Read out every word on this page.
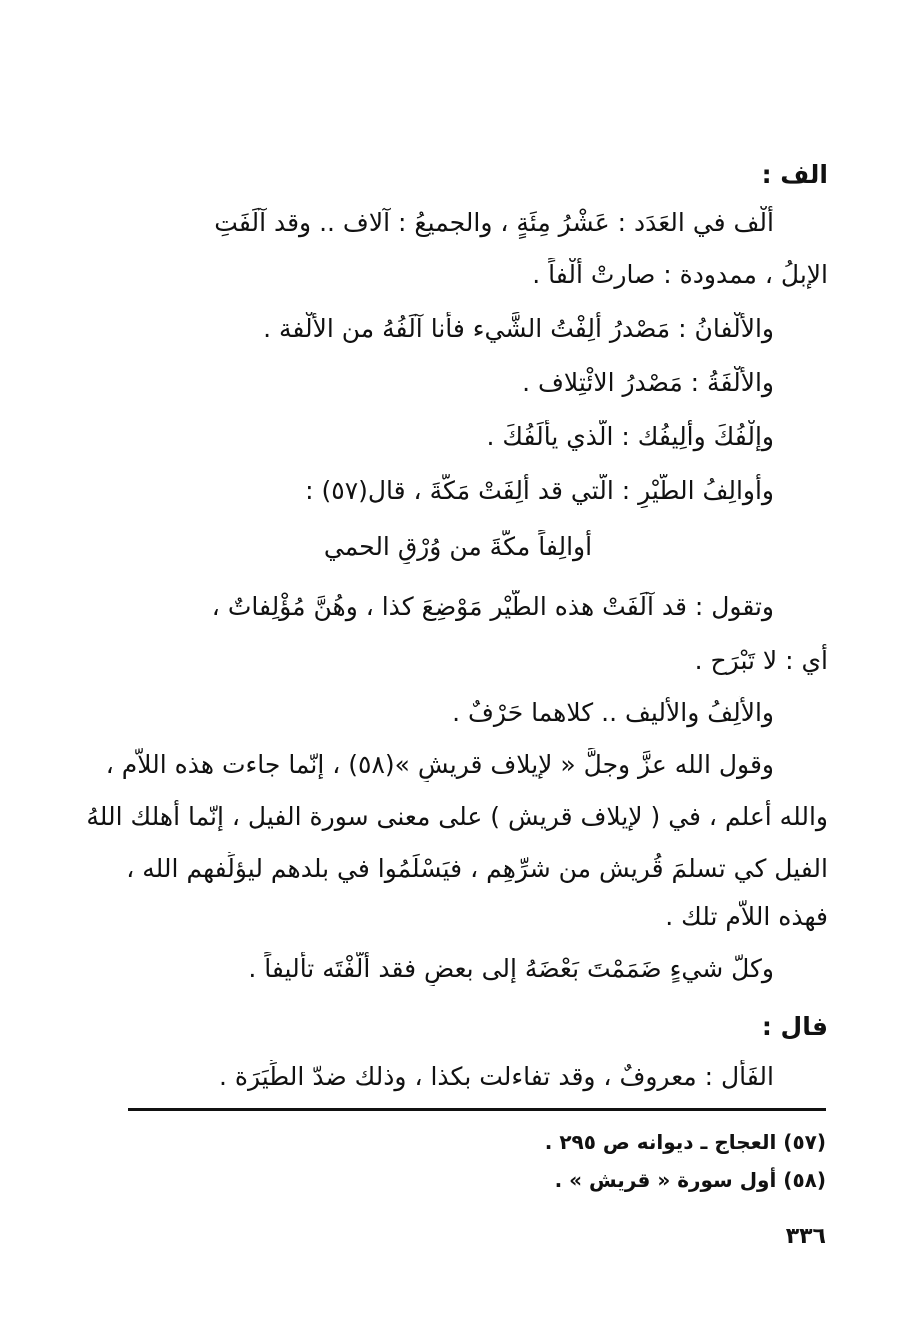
الف :
أَلْف في العَدَد : عَشْرُ مِئَةٍ ، والجميعُ : آلاف .. وقد آلَفَتِ
الإبلُ ، ممدودة : صارتْ أَلْفاً .
والأُلْفانُ : مَصْدرُ أَلِفْتُ الشَّيء فأنا آلَفُهُ من الأُلْفة .
والأُلْفَةُ : مَصْدرُ الائْتِلاف .
وإلْفُكَ وأَلِيفُك : الّذي يأْلَفُكَ .
وأَوالِفُ الطَّيْرِ : الّتي قد أَلِفَتْ مَكَّةَ ، قال(٥٧) :
أوالِفاً مكّةَ من وُرْقِ الحمي
وتقول : قد آلَفَتْ هذه الطَّيْر مَوْضِعَ كذا ، وهُنَّ مُؤْلِفاتٌ ،
أي : لا تَبْرَح .
والأَلِفُ والأليف .. كلاهما حَرْفٌ .
وقول الله عزَّ وجلَّ « لإيلاف قريشٍ »(٥٨) ، إنّما جاءت هذه اللاّم ،
والله أعلم ، في ( لإيلاف قريش ) على معنى سورة الفيل ، إنّما أهلك اللهُ
الفيل كي تسلمَ قُريش من شرِّهِم ، فيَسْلَمُوا في بلدهم ليؤلِّفهم الله ،
فهذه اللاّم تلك .
وكلّ شيءٍ ضَمَمْتَ بَعْضَهُ إلى بعضٍ فقد ألَّفْتَه تأليفاً .
فال :
الفَأْل : معروفٌ ، وقد تفاءلت بكذا ، وذلك ضدّ الطِّيَرَة .
(٥٧) العجاج ـ ديوانه ص ٢٩٥ .
(٥٨) أول سورة « قريش » .
٣٣٦
